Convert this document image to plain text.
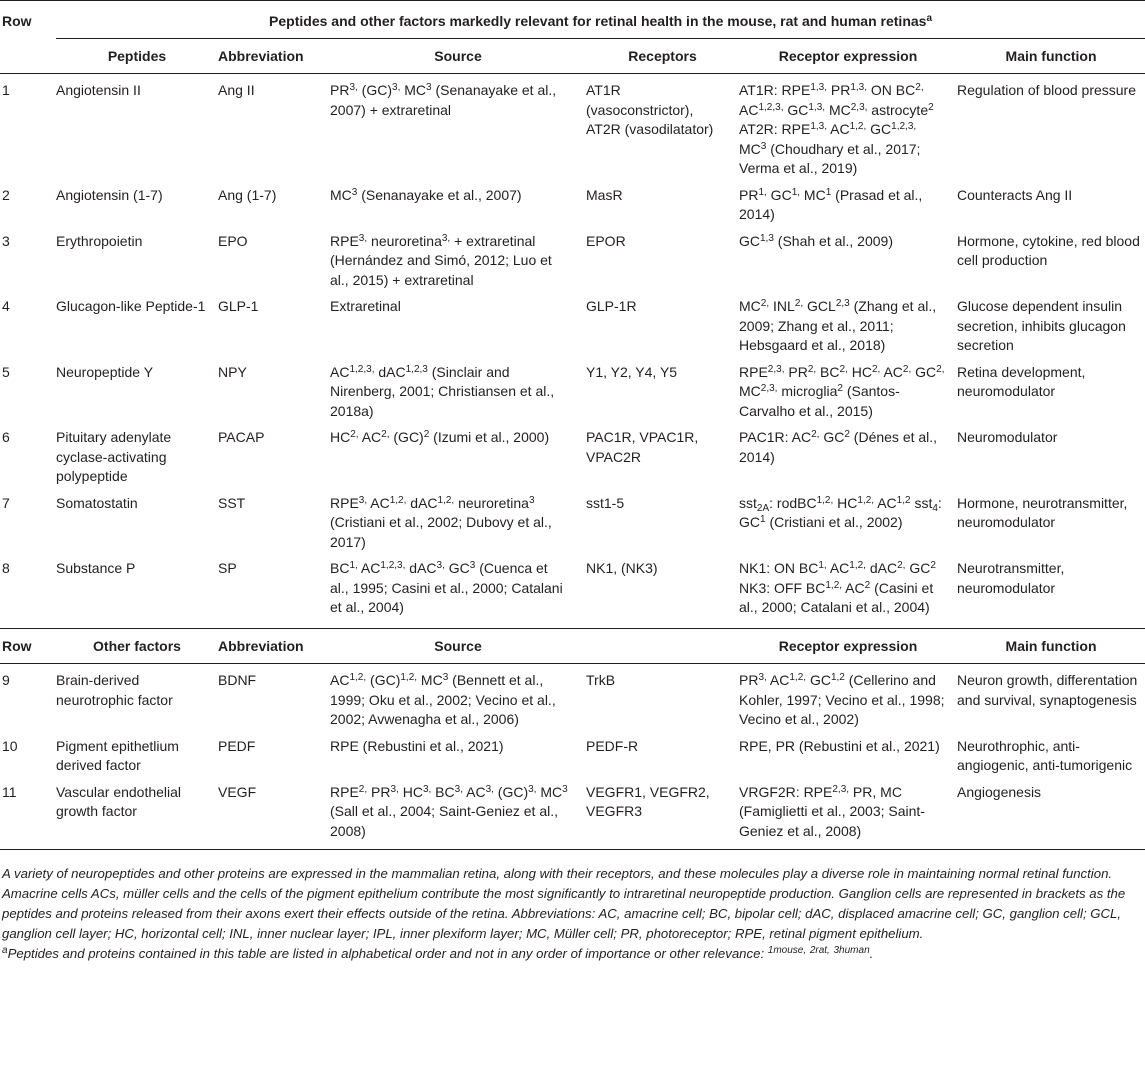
Row	Peptides and other factors markedly relevant for retinal health in the mouse, rat and human retinas$^a$
	Peptides	Abbreviation	Source	Receptors	Receptor expression	Main function
1	Angiotensin II	Ang II	$PR^{3,}$ (GC)$^{3,}$ $MC^3$ (Senanayake et al., 2007) + extraretinal	AT1R (vasoconstrictor), AT2R (vasodilatator)	AT1R: $RPE^{1,3,}$ $PR^{1,3,}$ ON $BC^{2,}$ $AC^{1,2,3,}$ $GC^{1,3,}$ $MC^{2,3,}$ astrocyte$^2$ AT2R: $RPE^{1,3,}$ $AC^{1,2,}$ $GC^{1,2,3,}$ $MC^3$ (Choudhary et al., 2017; Verma et al., 2019)	Regulation of blood pressure
2	Angiotensin (1-7)	Ang (1-7)	$MC^3$ (Senanayake et al., 2007)	MasR	$PR^{1,}$ $GC^{1,}$ $MC^1$ (Prasad et al., 2014)	Counteracts Ang II
3	Erythropoietin	EPO	$RPE^{3,}$ neuroretina$^{3,}$ + extraretinal (Hernández and Simó, 2012; Luo et al., 2015) + extraretinal	EPOR	GC$^{1,3}$ (Shah et al., 2009)	Hormone, cytokine, red blood cell production
4	Glucagon-like Peptide-1	GLP-1	Extraretinal	GLP-1R	$MC^{2,}$ $INL^{2,}$ GCL$^{2,3}$ (Zhang et al., 2009; Zhang et al., 2011; Hebsgaard et al., 2018)	Glucose dependent insulin secretion, inhibits glucagon secretion
5	Neuropeptide Y	NPY	$AC^{1,2,3,}$ dAC$^{1,2,3}$ (Sinclair and Nirenberg, 2001; Christiansen et al., 2018a)	Y1, Y2, Y4, Y5	$RPE^{2,3,}$ $PR^{2,}$ $BC^{2,}$ $HC^{2,}$ $AC^{2,}$ $GC^{2,}$ $MC^{2,3,}$ microglia$^2$ (Santos-Carvalho et al., 2015)	Retina development, neuromodulator
6	Pituitary adenylate cyclase-activating polypeptide	PACAP	$HC^{2,}$ $AC^{2,}$ (GC)$^2$ (Izumi et al., 2000)	PAC1R, VPAC1R, VPAC2R	PAC1R: $AC^{2,}$ $GC^2$ (Dénes et al., 2014)	Neuromodulator
7	Somatostatin	SST	$RPE^{3,}$ $AC^{1,2,}$ dAC$^{1,2,}$ neuroretina$^3$ (Cristiani et al., 2002; Dubovy et al., 2017)	sst1-5	sst$_{2A}$: rodBC$^{1,2,}$ $HC^{1,2,}$ AC$^{1,2}$ sst$_4$: $GC^1$ (Cristiani et al., 2002)	Hormone, neurotransmitter, neuromodulator
8	Substance P	SP	$BC^{1,}$ $AC^{1,2,3,}$ dAC$^{3,}$ $GC^3$ (Cuenca et al., 1995; Casini et al., 2000; Catalani et al., 2004)	NK1, (NK3)	NK1: ON $BC^{1,}$ $AC^{1,2,}$ dAC$^{2,}$ $GC^2$ NK3: OFF $BC^{1,2,}$ $AC^2$ (Casini et al., 2000; Catalani et al., 2004)	Neurotransmitter, neuromodulator
Row	Other factors	Abbreviation	Source		Receptor expression	Main function
9	Brain-derived neurotrophic factor	BDNF	$AC^{1,2,}$ (GC)$^{1,2,}$ $MC^3$ (Bennett et al., 1999; Oku et al., 2002; Vecino et al., 2002; Avwenagha et al., 2006)	TrkB	$PR^{3,}$ $AC^{1,2,}$ GC$^{1,2}$ (Cellerino and Kohler, 1997; Vecino et al., 1998; Vecino et al., 2002)	Neuron growth, differentation and survival, synaptogenesis
10	Pigment epithetlium derived factor	PEDF	RPE (Rebustini et al., 2021)	PEDF-R	RPE, PR (Rebustini et al., 2021)	Neurothrophic, anti-angiogenic, anti-tumorigenic
11	Vascular endothelial growth factor	VEGF	$RPE^{2,}$ $PR^{3,}$ $HC^{3,}$ $BC^{3,}$ $AC^{3,}$ (GC)$^{3,}$ $MC^3$ (Sall et al., 2004; Saint-Geniez et al., 2008)	VEGFR1, VEGFR2, VEGFR3	VRGF2R: $RPE^{2,3,}$ PR, MC (Famiglietti et al., 2003; Saint-Geniez et al., 2008)	Angiogenesis

A variety of neuropeptides and other proteins are expressed in the mammalian retina, along with their receptors, and these molecules play a diverse role in maintaining normal retinal function. Amacrine cells ACs, müller cells and the cells of the pigment epithelium contribute the most significantly to intraretinal neuropeptide production. Ganglion cells are represented in brackets as the peptides and proteins released from their axons exert their effects outside of the retina. Abbreviations: AC, amacrine cell; BC, bipolar cell; dAC, displaced amacrine cell; GC, ganglion cell; GCL, ganglion cell layer; HC, horizontal cell; INL, inner nuclear layer; IPL, inner plexiform layer; MC, Müller cell; PR, photoreceptor; RPE, retinal pigment epithelium.

$^a$Peptides and proteins contained in this table are listed in alphabetical order and not in any order of importance or other relevance: $^{1mouse,}$ $^{2rat,}$ $^{3human}$.
